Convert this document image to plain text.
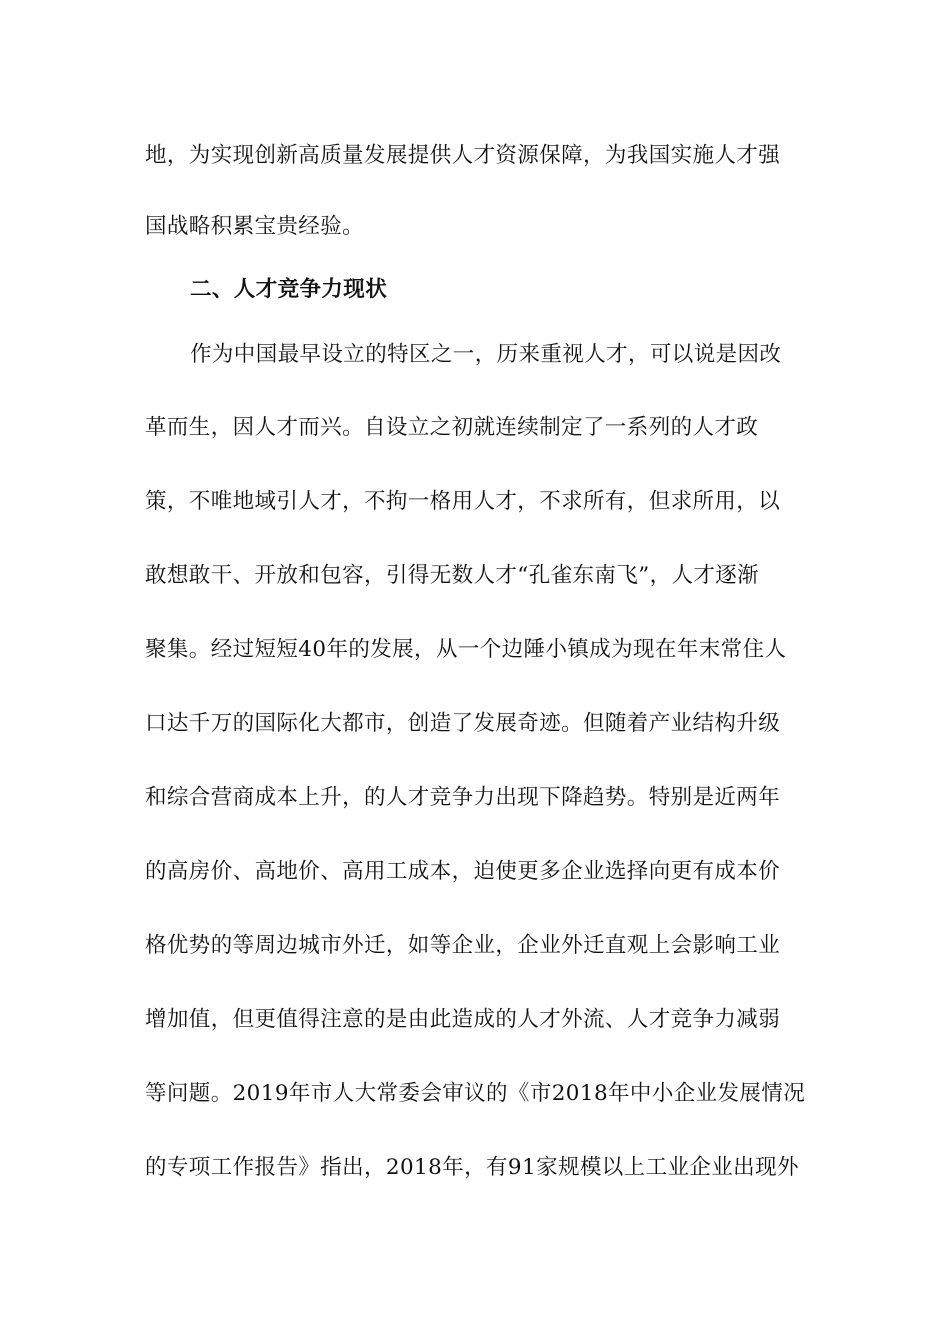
地，为实现创新高质量发展提供人才资源保障，为我国实施人才强
国战略积累宝贵经验。
二、人才竞争力现状
作为中国最早设立的特区之一，历来重视人才，可以说是因改
革而生，因人才而兴。自设立之初就连续制定了一系列的人才政
策，不唯地域引人才，不拘一格用人才，不求所有，但求所用，以
敢想敢干、开放和包容，引得无数人才“孔雀东南飞”，人才逐渐
聚集。经过短短40年的发展，从一个边陲小镇成为现在年末常住人
口达千万的国际化大都市，创造了发展奇迹。但随着产业结构升级
和综合营商成本上升，的人才竞争力出现下降趋势。特别是近两年
的高房价、高地价、高用工成本，迫使更多企业选择向更有成本价
格优势的等周边城市外迁，如等企业，企业外迁直观上会影响工业
增加值，但更值得注意的是由此造成的人才外流、人才竞争力减弱
等问题。2019年市人大常委会审议的《市2018年中小企业发展情况
的专项工作报告》指出，2018年，有91家规模以上工业企业出现外
